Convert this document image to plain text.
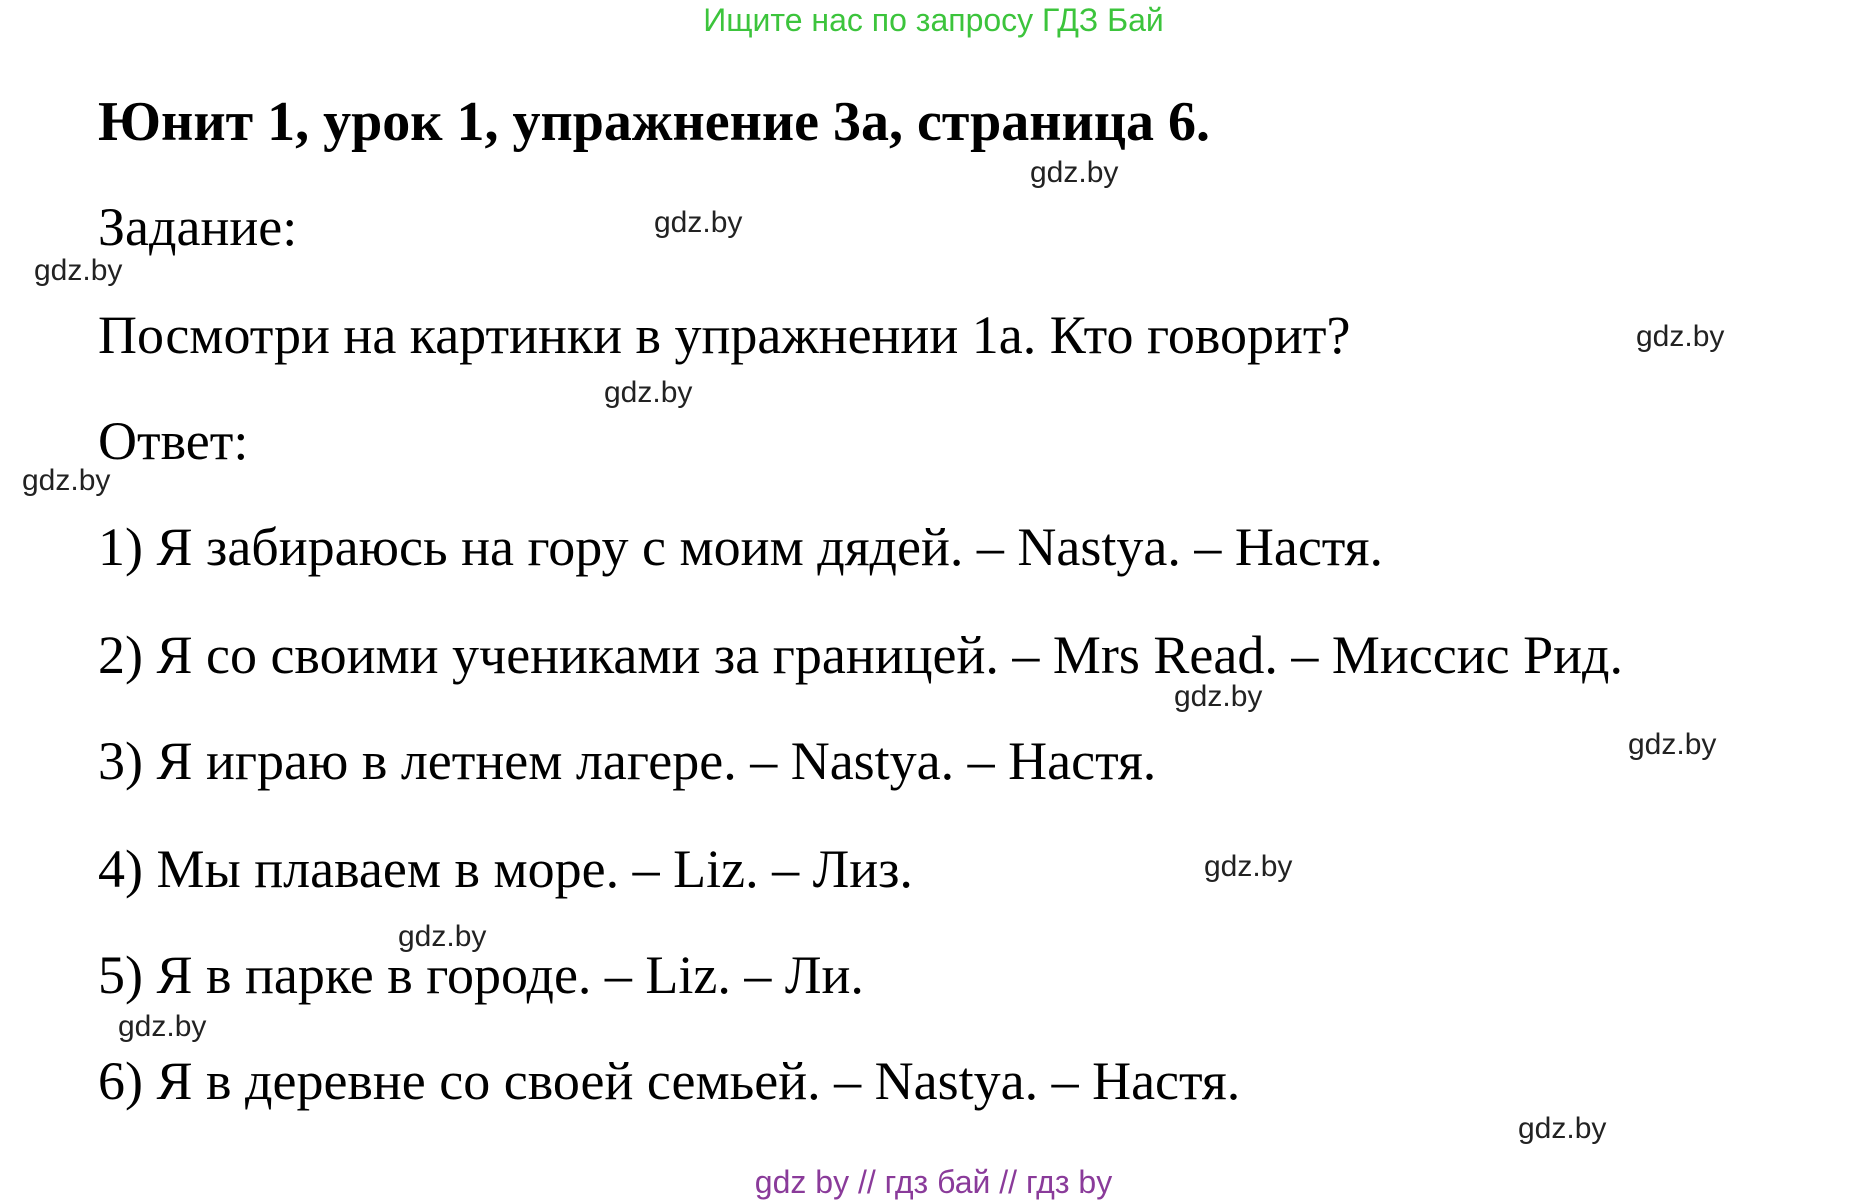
Ищите нас по запросу ГДЗ Бай
Юнит 1, урок 1, упражнение 3а, страница 6.
Задание:
Посмотри на картинки в упражнении 1а. Кто говорит?
Ответ:
1) Я забираюсь на гору с моим дядей. – Nastya. – Настя.
2) Я со своими учениками за границей. – Mrs Read. – Миссис Рид.
3) Я играю в летнем лагере. – Nastya. – Настя.
4) Мы плаваем в море. – Liz. – Лиз.
5) Я в парке в городе. – Liz. – Ли.
6) Я в деревне со своей семьей. – Nastya. – Настя.
gdz.by
gdz.by
gdz.by
gdz.by
gdz.by
gdz.by
gdz.by
gdz.by
gdz.by
gdz.by
gdz.by
gdz.by
gdz by // гдз бай // гдз by
